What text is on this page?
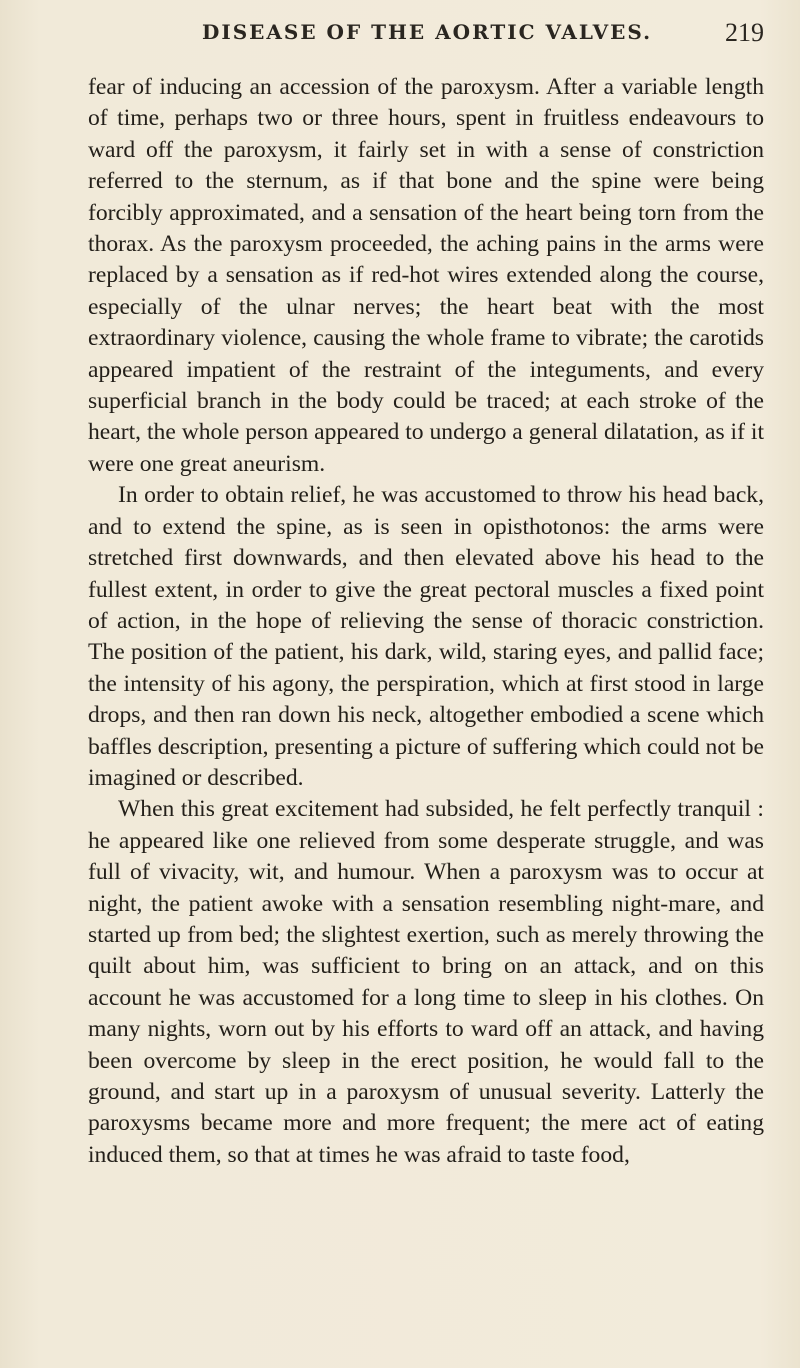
DISEASE OF THE AORTIC VALVES.	219

fear of inducing an accession of the paroxysm. After a variable length of time, perhaps two or three hours, spent in fruitless endeavours to ward off the paroxysm, it fairly set in with a sense of constriction referred to the sternum, as if that bone and the spine were being forcibly approximated, and a sensation of the heart being torn from the thorax. As the paroxysm proceeded, the aching pains in the arms were replaced by a sensation as if red-hot wires extended along the course, especially of the ulnar nerves; the heart beat with the most extraordinary violence, causing the whole frame to vibrate; the carotids appeared impatient of the restraint of the integuments, and every superficial branch in the body could be traced; at each stroke of the heart, the whole person appeared to undergo a general dilatation, as if it were one great aneurism.

In order to obtain relief, he was accustomed to throw his head back, and to extend the spine, as is seen in opisthotonos: the arms were stretched first downwards, and then elevated above his head to the fullest extent, in order to give the great pectoral muscles a fixed point of action, in the hope of relieving the sense of thoracic constriction. The position of the patient, his dark, wild, staring eyes, and pallid face; the intensity of his agony, the perspiration, which at first stood in large drops, and then ran down his neck, altogether embodied a scene which baffles description, presenting a picture of suffering which could not be imagined or described.

When this great excitement had subsided, he felt perfectly tranquil : he appeared like one relieved from some desperate struggle, and was full of vivacity, wit, and humour. When a paroxysm was to occur at night, the patient awoke with a sensation resembling night-mare, and started up from bed; the slightest exertion, such as merely throwing the quilt about him, was sufficient to bring on an attack, and on this account he was accustomed for a long time to sleep in his clothes. On many nights, worn out by his efforts to ward off an attack, and having been overcome by sleep in the erect position, he would fall to the ground, and start up in a paroxysm of unusual severity. Latterly the paroxysms became more and more frequent; the mere act of eating induced them, so that at times he was afraid to taste food,
